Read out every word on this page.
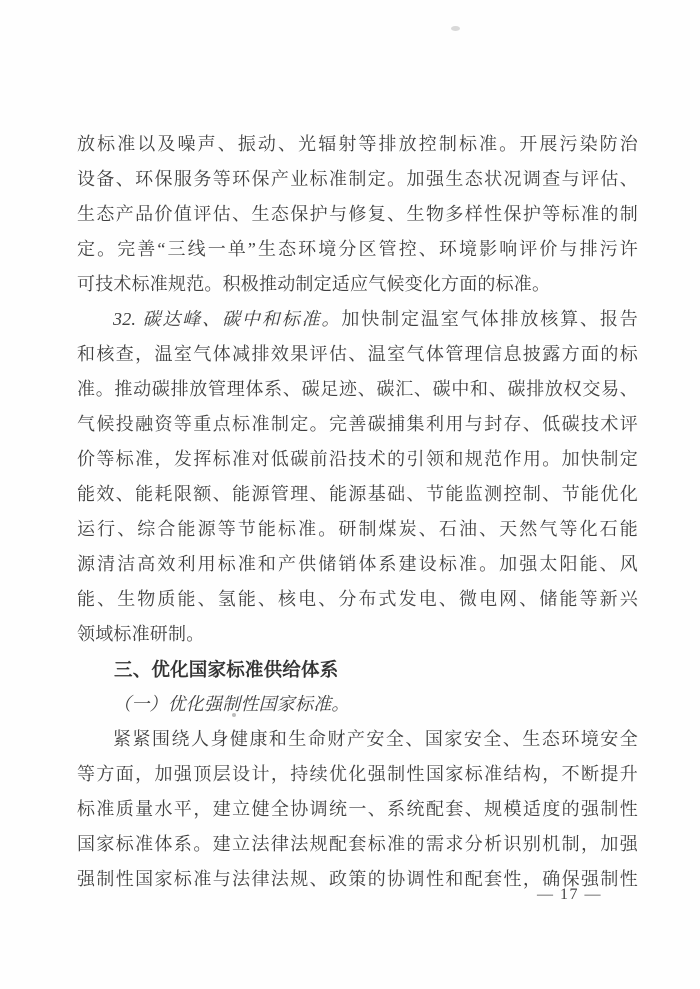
放标准以及噪声、振动、光辐射等排放控制标准。开展污染防治
设备、环保服务等环保产业标准制定。加强生态状况调查与评估、
生态产品价值评估、生态保护与修复、生物多样性保护等标准的制
定。完善“三线一单”生态环境分区管控、环境影响评价与排污许
可技术标准规范。积极推动制定适应气候变化方面的标准。
32. 碳达峰、碳中和标准。加快制定温室气体排放核算、报告
和核查，温室气体减排效果评估、温室气体管理信息披露方面的标
准。推动碳排放管理体系、碳足迹、碳汇、碳中和、碳排放权交易、
气候投融资等重点标准制定。完善碳捕集利用与封存、低碳技术评
价等标准，发挥标准对低碳前沿技术的引领和规范作用。加快制定
能效、能耗限额、能源管理、能源基础、节能监测控制、节能优化
运行、综合能源等节能标准。研制煤炭、石油、天然气等化石能
源清洁高效利用标准和产供储销体系建设标准。加强太阳能、风
能、生物质能、氢能、核电、分布式发电、微电网、储能等新兴
领域标准研制。
三、优化国家标准供给体系
（一）优化强制性国家标准。
紧紧围绕人身健康和生命财产安全、国家安全、生态环境安全
等方面，加强顶层设计，持续优化强制性国家标准结构，不断提升
标准质量水平，建立健全协调统一、系统配套、规模适度的强制性
国家标准体系。建立法律法规配套标准的需求分析识别机制，加强
强制性国家标准与法律法规、政策的协调性和配套性，确保强制性
— 17 —
